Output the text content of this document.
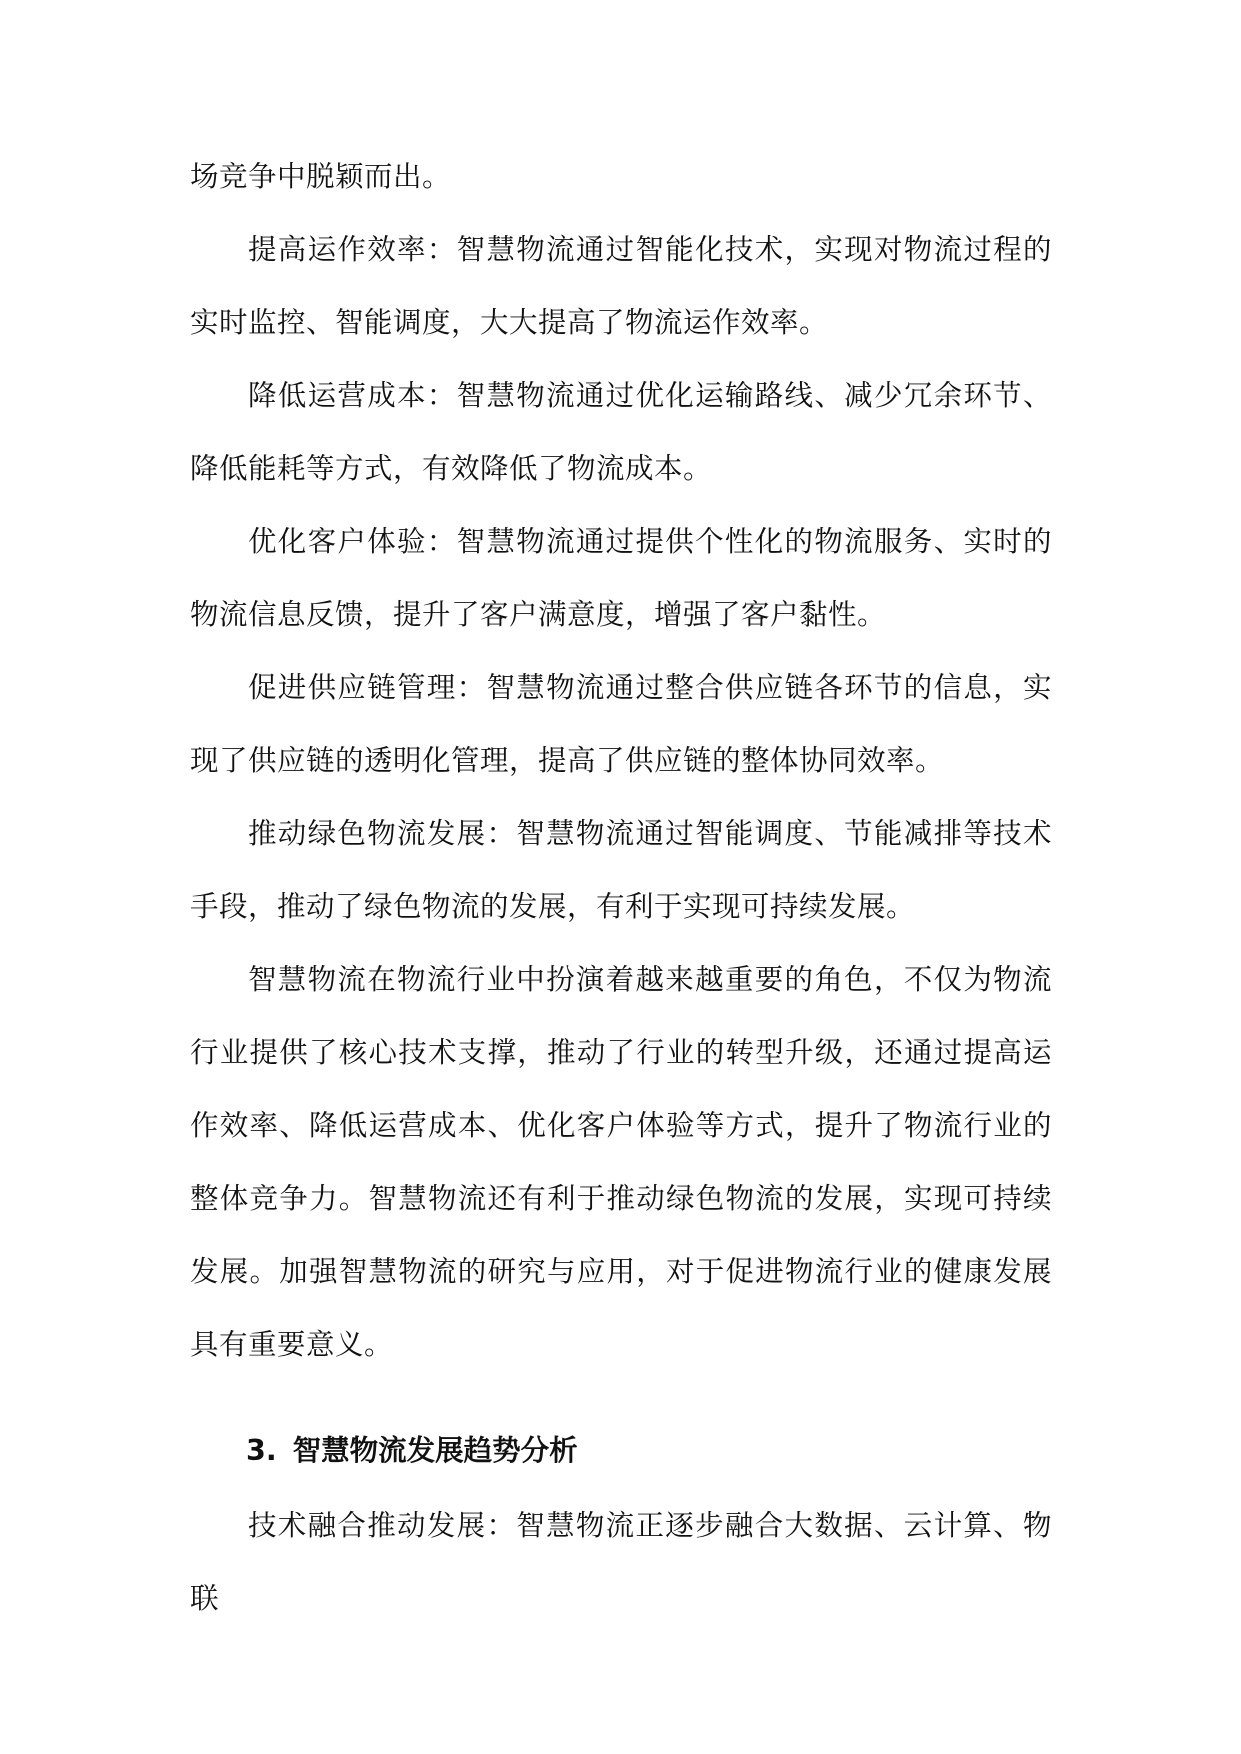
场竞争中脱颖而出。

提高运作效率：智慧物流通过智能化技术，实现对物流过程的实时监控、智能调度，大大提高了物流运作效率。

降低运营成本：智慧物流通过优化运输路线、减少冗余环节、降低能耗等方式，有效降低了物流成本。

优化客户体验：智慧物流通过提供个性化的物流服务、实时的物流信息反馈，提升了客户满意度，增强了客户黏性。

促进供应链管理：智慧物流通过整合供应链各环节的信息，实现了供应链的透明化管理，提高了供应链的整体协同效率。

推动绿色物流发展：智慧物流通过智能调度、节能减排等技术手段，推动了绿色物流的发展，有利于实现可持续发展。

智慧物流在物流行业中扮演着越来越重要的角色，不仅为物流行业提供了核心技术支撑，推动了行业的转型升级，还通过提高运作效率、降低运营成本、优化客户体验等方式，提升了物流行业的整体竞争力。智慧物流还有利于推动绿色物流的发展，实现可持续发展。加强智慧物流的研究与应用，对于促进物流行业的健康发展具有重要意义。

3. 智慧物流发展趋势分析

技术融合推动发展：智慧物流正逐步融合大数据、云计算、物联
